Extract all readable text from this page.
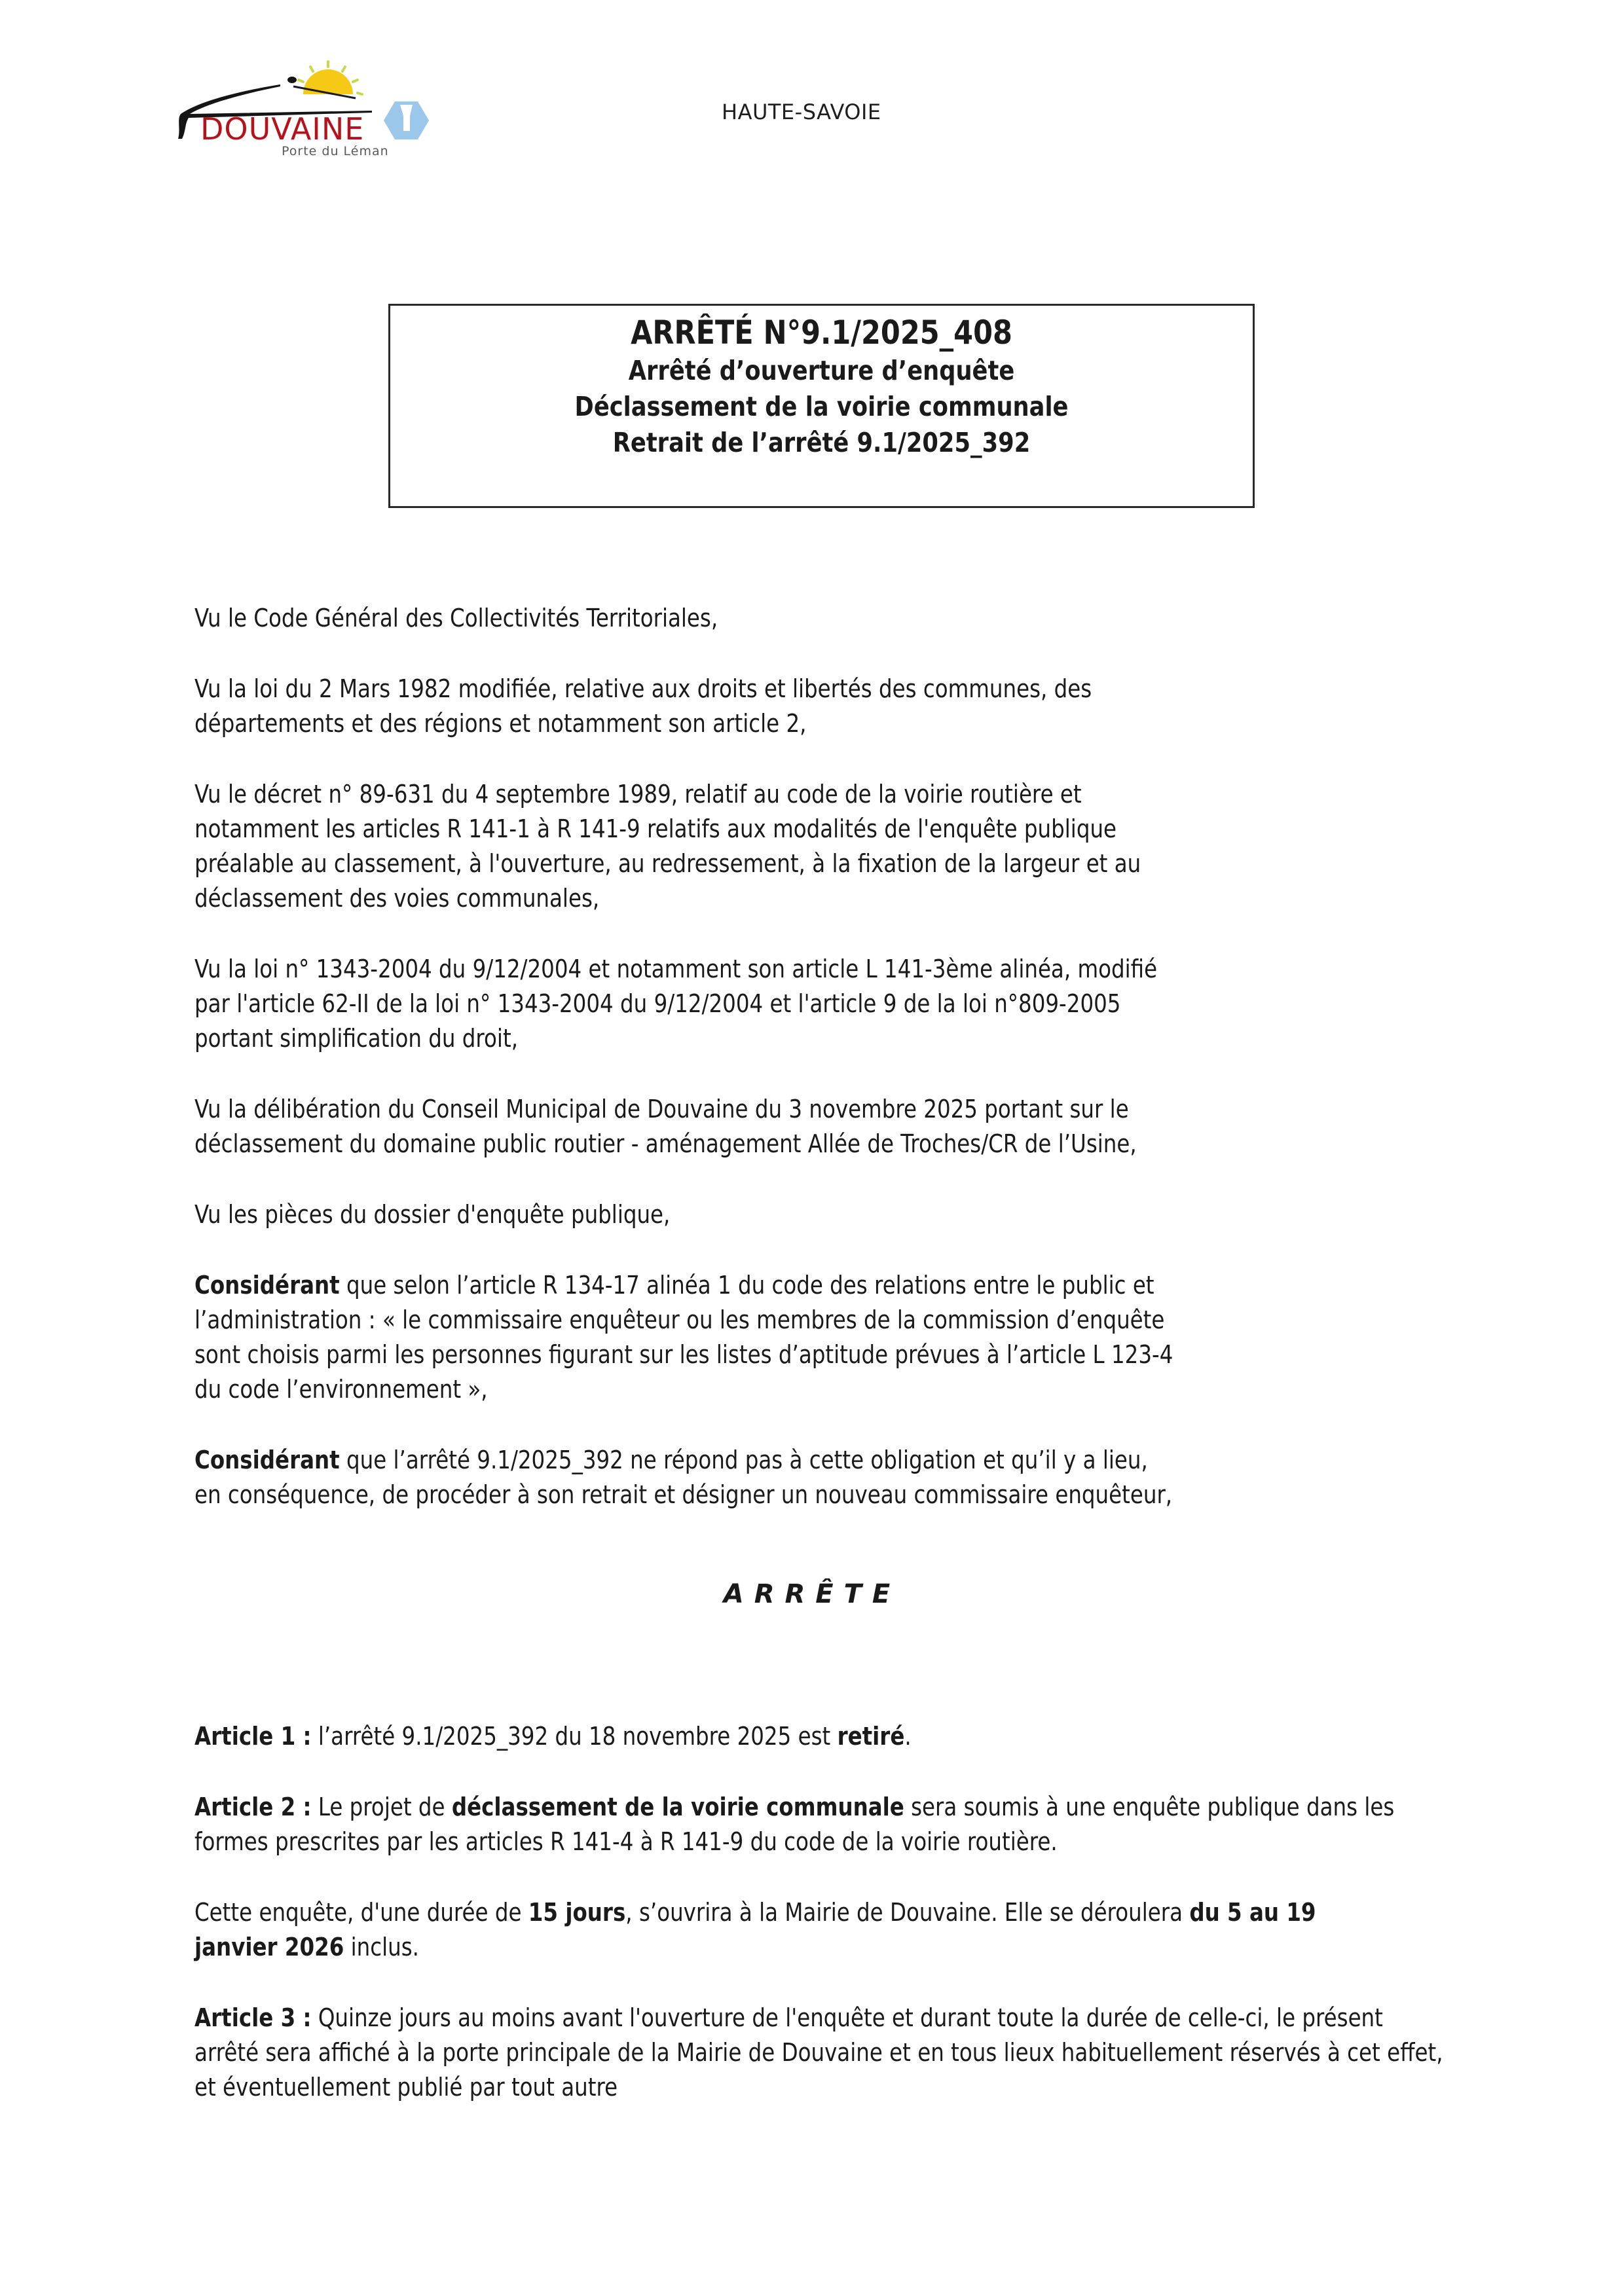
DOUVAINE
Porte du Léman
HAUTE-SAVOIE
ARRÊTÉ N°9.1/2025_408
Arrêté d’ouverture d’enquête
Déclassement de la voirie communale
Retrait de l’arrêté 9.1/2025_392
Vu le Code Général des Collectivités Territoriales,
Vu la loi du 2 Mars 1982 modifiée, relative aux droits et libertés des communes, des
départements et des régions et notamment son article 2,
Vu le décret n° 89-631 du 4 septembre 1989, relatif au code de la voirie routière et
notamment les articles R 141-1 à R 141-9 relatifs aux modalités de l'enquête publique
préalable au classement, à l'ouverture, au redressement, à la fixation de la largeur et au
déclassement des voies communales,
Vu la loi n° 1343-2004 du 9/12/2004 et notamment son article L 141-3ème alinéa, modifié
par l'article 62-II de la loi n° 1343-2004 du 9/12/2004 et l'article 9 de la loi n°809-2005
portant simplification du droit,
Vu la délibération du Conseil Municipal de Douvaine du 3 novembre 2025 portant sur le
déclassement du domaine public routier - aménagement Allée de Troches/CR de l’Usine,
Vu les pièces du dossier d'enquête publique,
Considérant que selon l’article R 134-17 alinéa 1 du code des relations entre le public et
l’administration : « le commissaire enquêteur ou les membres de la commission d’enquête
sont choisis parmi les personnes figurant sur les listes d’aptitude prévues à l’article L 123-4
du code l’environnement »,
Considérant que l’arrêté 9.1/2025_392 ne répond pas à cette obligation et qu’il y a lieu,
en conséquence, de procéder à son retrait et désigner un nouveau commissaire enquêteur,
ARRÊTE
Article 1 : l’arrêté 9.1/2025_392 du 18 novembre 2025 est retiré.
Article 2 : Le projet de déclassement de la voirie communale sera soumis à une enquête publique dans les formes prescrites par les articles R 141-4 à R 141-9 du code de la voirie routière.
Cette enquête, d'une durée de 15 jours, s’ouvrira à la Mairie de Douvaine. Elle se déroulera du 5 au 19 janvier 2026 inclus.
Article 3 : Quinze jours au moins avant l'ouverture de l'enquête et durant toute la durée de celle-ci, le présent arrêté sera affiché à la porte principale de la Mairie de Douvaine et en tous lieux habituellement réservés à cet effet, et éventuellement publié par tout autre
